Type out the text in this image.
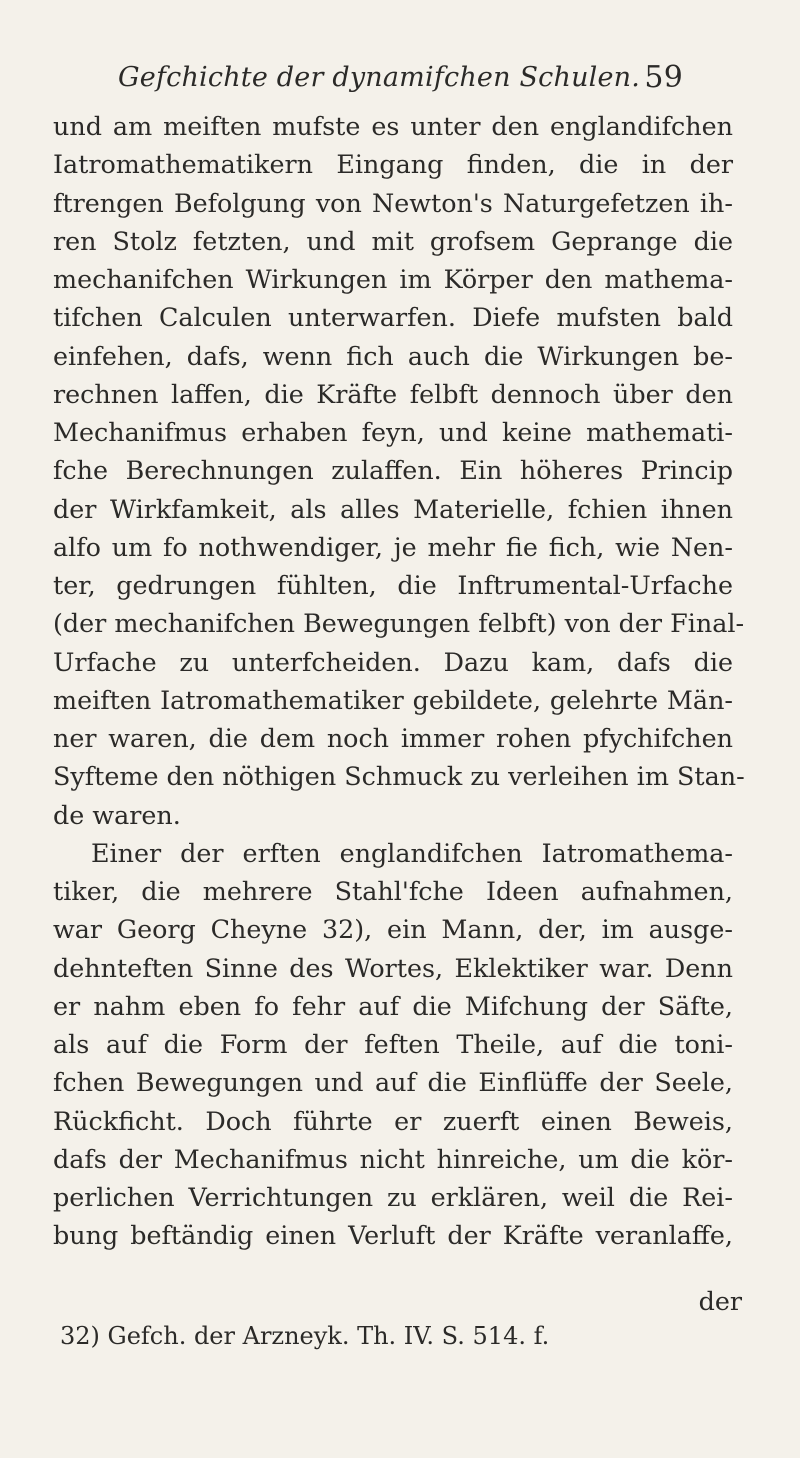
Gefchichte der dynamifchen Schulen. 59
und am meiften mufste es unter den englandifchen
Iatromathematikern Eingang finden, die in der
ftrengen Befolgung von Newton's Naturgefetzen ih-
ren Stolz fetzten, und mit grofsem Geprange die
mechanifchen Wirkungen im Körper den mathema-
tifchen Calculen unterwarfen. Diefe mufsten bald
einfehen, dafs, wenn fich auch die Wirkungen be-
rechnen laffen, die Kräfte felbft dennoch über den
Mechanifmus erhaben feyn, und keine mathemati-
fche Berechnungen zulaffen. Ein höheres Princip
der Wirkfamkeit, als alles Materielle, fchien ihnen
alfo um fo nothwendiger, je mehr fie fich, wie Nen-
ter, gedrungen fühlten, die Inftrumental-Urfache
(der mechanifchen Bewegungen felbft) von der Final-
Urfache zu unterfcheiden. Dazu kam, dafs die
meiften Iatromathematiker gebildete, gelehrte Män-
ner waren, die dem noch immer rohen pfychifchen
Syfteme den nöthigen Schmuck zu verleihen im Stan-
de waren.
Einer der erften englandifchen Iatromathema-
tiker, die mehrere Stahl'fche Ideen aufnahmen,
war Georg Cheyne 32), ein Mann, der, im ausge-
dehnteften Sinne des Wortes, Eklektiker war. Denn
er nahm eben fo fehr auf die Mifchung der Säfte,
als auf die Form der feften Theile, auf die toni-
fchen Bewegungen und auf die Einflüffe der Seele,
Rückficht. Doch führte er zuerft einen Beweis,
dafs der Mechanifmus nicht hinreiche, um die kör-
perlichen Verrichtungen zu erklären, weil die Rei-
bung beftändig einen Verluft der Kräfte veranlaffe,
der
32) Gefch. der Arzneyk. Th. IV. S. 514. f.
